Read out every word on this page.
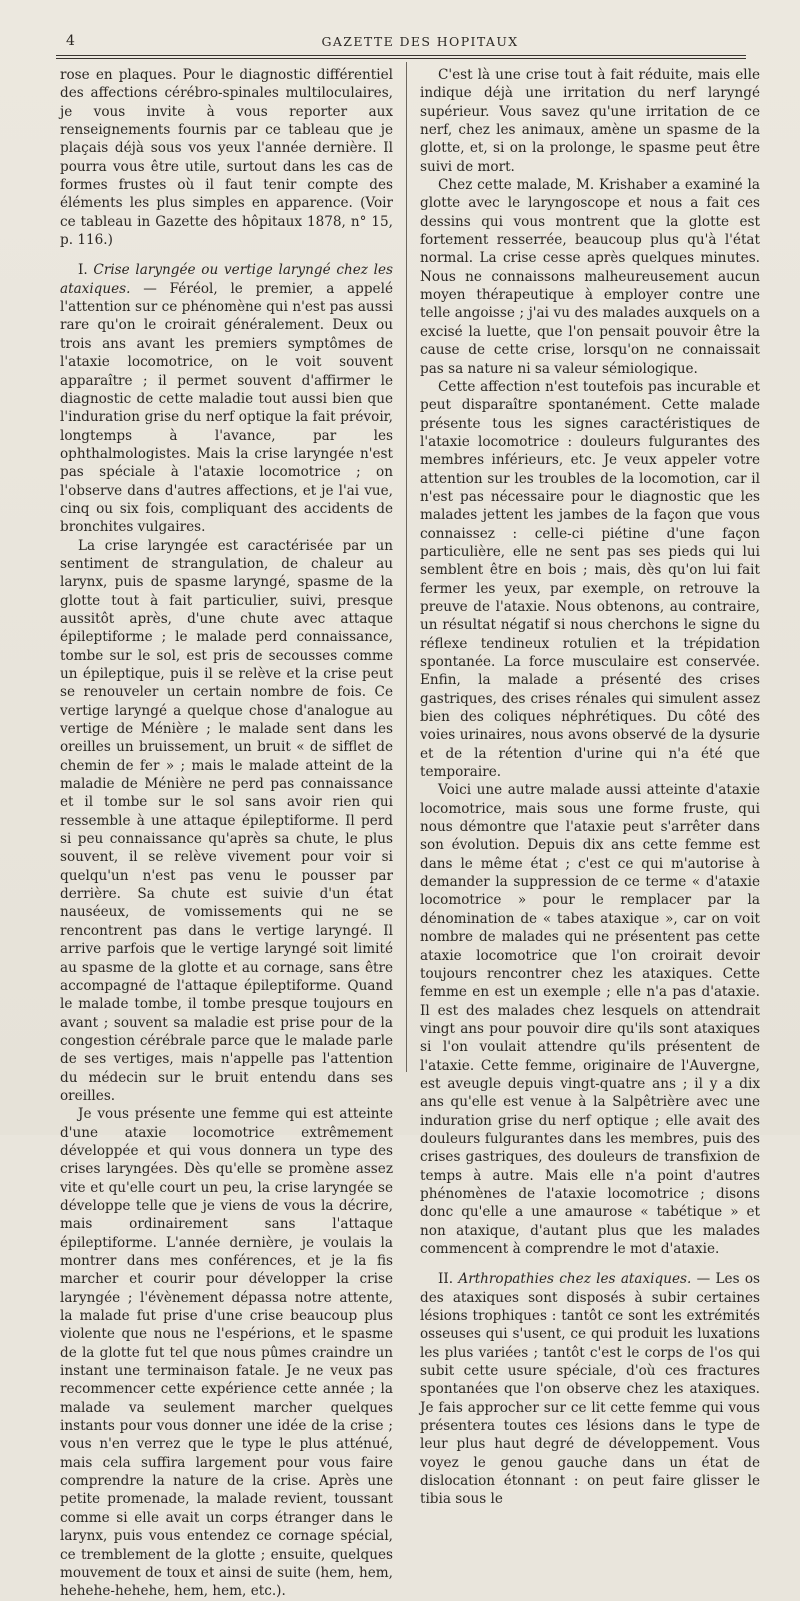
4	GAZETTE DES HOPITAUX

rose en plaques. Pour le diagnostic différentiel des affections cérébro-spinales multiloculaires, je vous invite à vous reporter aux renseignements fournis par ce tableau que je plaçais déjà sous vos yeux l'année dernière. Il pourra vous être utile, surtout dans les cas de formes frustes où il faut tenir compte des éléments les plus simples en apparence. (Voir ce tableau in Gazette des hôpitaux 1878, n° 15, p. 116.)

I. Crise laryngée ou vertige laryngé chez les ataxiques. — Féréol, le premier, a appelé l'attention sur ce phénomène qui n'est pas aussi rare qu'on le croirait généralement. Deux ou trois ans avant les premiers symptômes de l'ataxie locomotrice, on le voit souvent apparaître ; il permet souvent d'affirmer le diagnostic de cette maladie tout aussi bien que l'induration grise du nerf optique la fait prévoir, longtemps à l'avance, par les ophthalmologistes. Mais la crise laryngée n'est pas spéciale à l'ataxie locomotrice ; on l'observe dans d'autres affections, et je l'ai vue, cinq ou six fois, compliquant des accidents de bronchites vulgaires.

La crise laryngée est caractérisée par un sentiment de strangulation, de chaleur au larynx, puis de spasme laryngé, spasme de la glotte tout à fait particulier, suivi, presque aussitôt après, d'une chute avec attaque épileptiforme ; le malade perd connaissance, tombe sur le sol, est pris de secousses comme un épileptique, puis il se relève et la crise peut se renouveler un certain nombre de fois. Ce vertige laryngé a quelque chose d'analogue au vertige de Ménière ; le malade sent dans les oreilles un bruissement, un bruit « de sifflet de chemin de fer » ; mais le malade atteint de la maladie de Ménière ne perd pas connaissance et il tombe sur le sol sans avoir rien qui ressemble à une attaque épileptiforme. Il perd si peu connaissance qu'après sa chute, le plus souvent, il se relève vivement pour voir si quelqu'un n'est pas venu le pousser par derrière. Sa chute est suivie d'un état nauséeux, de vomissements qui ne se rencontrent pas dans le vertige laryngé. Il arrive parfois que le vertige laryngé soit limité au spasme de la glotte et au cornage, sans être accompagné de l'attaque épileptiforme. Quand le malade tombe, il tombe presque toujours en avant ; souvent sa maladie est prise pour de la congestion cérébrale parce que le malade parle de ses vertiges, mais n'appelle pas l'attention du médecin sur le bruit entendu dans ses oreilles.

Je vous présente une femme qui est atteinte d'une ataxie locomotrice extrêmement développée et qui vous donnera un type des crises laryngées. Dès qu'elle se promène assez vite et qu'elle court un peu, la crise laryngée se développe telle que je viens de vous la décrire, mais ordinairement sans l'attaque épileptiforme. L'année dernière, je voulais la montrer dans mes conférences, et je la fis marcher et courir pour développer la crise laryngée ; l'évènement dépassa notre attente, la malade fut prise d'une crise beaucoup plus violente que nous ne l'espérions, et le spasme de la glotte fut tel que nous pûmes craindre un instant une terminaison fatale. Je ne veux pas recommencer cette expérience cette année ; la malade va seulement marcher quelques instants pour vous donner une idée de la crise ; vous n'en verrez que le type le plus atténué, mais cela suffira largement pour vous faire comprendre la nature de la crise. Après une petite promenade, la malade revient, toussant comme si elle avait un corps étranger dans le larynx, puis vous entendez ce cornage spécial, ce tremblement de la glotte ; ensuite, quelques mouvement de toux et ainsi de suite (hem, hem, hehehe-hehehe, hem, hem, etc.).

C'est là une crise tout à fait réduite, mais elle indique déjà une irritation du nerf laryngé supérieur. Vous savez qu'une irritation de ce nerf, chez les animaux, amène un spasme de la glotte, et, si on la prolonge, le spasme peut être suivi de mort.

Chez cette malade, M. Krishaber a examiné la glotte avec le laryngoscope et nous a fait ces dessins qui vous montrent que la glotte est fortement resserrée, beaucoup plus qu'à l'état normal. La crise cesse après quelques minutes. Nous ne connaissons malheureusement aucun moyen thérapeutique à employer contre une telle angoisse ; j'ai vu des malades auxquels on a excisé la luette, que l'on pensait pouvoir être la cause de cette crise, lorsqu'on ne connaissait pas sa nature ni sa valeur sémiologique.

Cette affection n'est toutefois pas incurable et peut disparaître spontanément. Cette malade présente tous les signes caractéristiques de l'ataxie locomotrice : douleurs fulgurantes des membres inférieurs, etc. Je veux appeler votre attention sur les troubles de la locomotion, car il n'est pas nécessaire pour le diagnostic que les malades jettent les jambes de la façon que vous connaissez : celle-ci piétine d'une façon particulière, elle ne sent pas ses pieds qui lui semblent être en bois ; mais, dès qu'on lui fait fermer les yeux, par exemple, on retrouve la preuve de l'ataxie. Nous obtenons, au contraire, un résultat négatif si nous cherchons le signe du réflexe tendineux rotulien et la trépidation spontanée. La force musculaire est conservée. Enfin, la malade a présenté des crises gastriques, des crises rénales qui simulent assez bien des coliques néphrétiques. Du côté des voies urinaires, nous avons observé de la dysurie et de la rétention d'urine qui n'a été que temporaire.

Voici une autre malade aussi atteinte d'ataxie locomotrice, mais sous une forme fruste, qui nous démontre que l'ataxie peut s'arrêter dans son évolution. Depuis dix ans cette femme est dans le même état ; c'est ce qui m'autorise à demander la suppression de ce terme « d'ataxie locomotrice » pour le remplacer par la dénomination de « tabes ataxique », car on voit nombre de malades qui ne présentent pas cette ataxie locomotrice que l'on croirait devoir toujours rencontrer chez les ataxiques. Cette femme en est un exemple ; elle n'a pas d'ataxie. Il est des malades chez lesquels on attendrait vingt ans pour pouvoir dire qu'ils sont ataxiques si l'on voulait attendre qu'ils présentent de l'ataxie. Cette femme, originaire de l'Auvergne, est aveugle depuis vingt-quatre ans ; il y a dix ans qu'elle est venue à la Salpêtrière avec une induration grise du nerf optique ; elle avait des douleurs fulgurantes dans les membres, puis des crises gastriques, des douleurs de transfixion de temps à autre. Mais elle n'a point d'autres phénomènes de l'ataxie locomotrice ; disons donc qu'elle a une amaurose « tabétique » et non ataxique, d'autant plus que les malades commencent à comprendre le mot d'ataxie.

II. Arthropathies chez les ataxiques. — Les os des ataxiques sont disposés à subir certaines lésions trophiques : tantôt ce sont les extrémités osseuses qui s'usent, ce qui produit les luxations les plus variées ; tantôt c'est le corps de l'os qui subit cette usure spéciale, d'où ces fractures spontanées que l'on observe chez les ataxiques. Je fais approcher sur ce lit cette femme qui vous présentera toutes ces lésions dans le type de leur plus haut degré de développement. Vous voyez le genou gauche dans un état de dislocation étonnant : on peut faire glisser le tibia sous le
